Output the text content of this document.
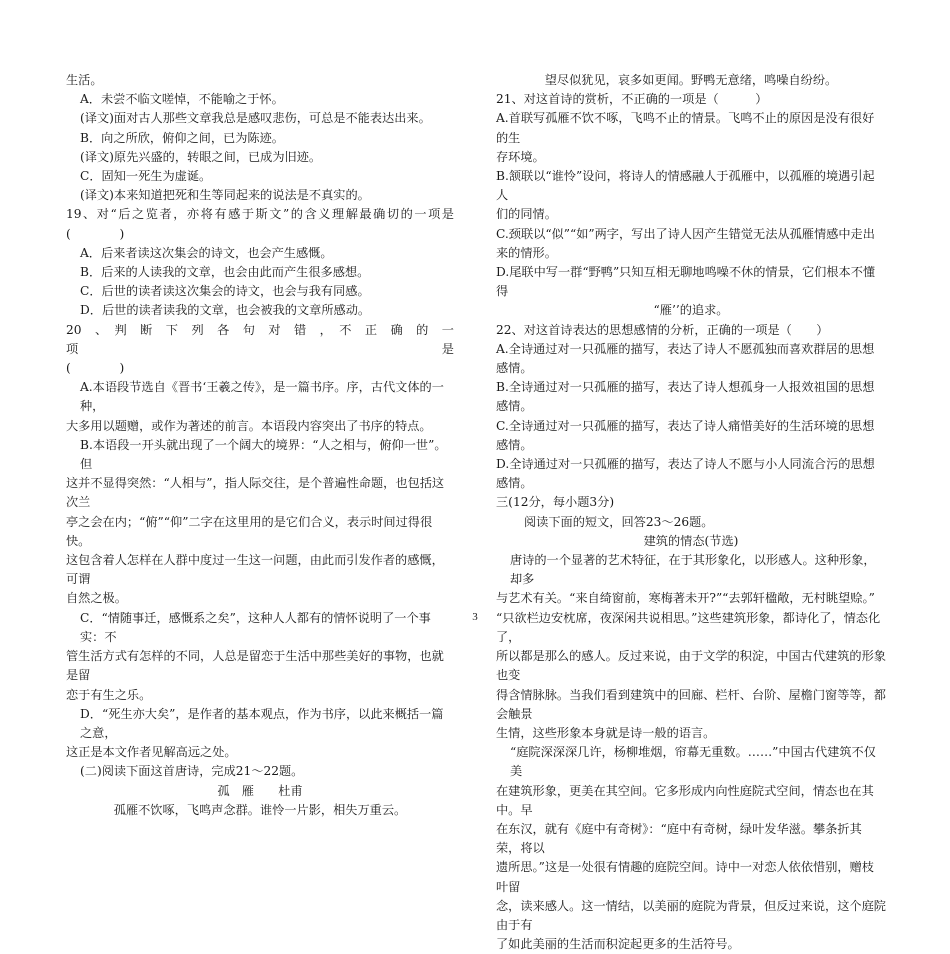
生活。
A．未尝不临文嗟悼，不能喻之于怀。
(译文)面对古人那些文章我总是感叹悲伤，可总是不能表达出来。
B．向之所欣，俯仰之间，已为陈迹。
(译文)原先兴盛的，转眼之间，已成为旧迹。
C．固知一死生为虚诞。
(译文)本来知道把死和生等同起来的说法是不真实的。
19、对“后之览者，亦将有感于斯文”的含义理解最确切的一项是
(　　　　)
A．后来者读这次集会的诗文，也会产生感慨。
B．后来的人读我的文章，也会由此而产生很多感想。
C．后世的读者读这次集会的诗文，也会与我有同感。
D．后世的读者读我的文章，也会被我的文章所感动。
20　、　判　断　下　列　各　句　对　错　，　不　正　确　的　一　项　是
(　　　　)
A.本语段节选自《晋书‘王羲之传》，是一篇书序。序，古代文体的一种，
大多用以题赠，或作为著述的前言。本语段内容突出了书序的特点。
B.本语段一开头就出现了一个阔大的境界：“人之相与，俯仰一世”。但
这并不显得突然：“人相与”，指人际交往，是个普遍性命题，也包括这次兰
亭之会在内；“俯”“仰”二字在这里用的是它们合义，表示时间过得很快。
这包含着人怎样在人群中度过一生这一问题，由此而引发作者的感慨，可谓
自然之极。
C．“情随事迁，感慨系之矣”，这种人人都有的情怀说明了一个事实：不
管生活方式有怎样的不同，人总是留恋于生活中那些美好的事物，也就是留
恋于有生之乐。
D．“死生亦大矣”，是作者的基本观点，作为书序，以此来概括一篇之意，
这正是本文作者见解高远之处。
(二)阅读下面这首唐诗，完成21～22题。
孤　雁　　杜甫
孤雁不饮啄，飞鸣声念群。谁怜一片影，相失万重云。
望尽似犹见，哀多如更闻。野鸭无意绪，鸣噪自纷纷。
21、对这首诗的赏析，不正确的一项是（　　　）
A.首联写孤雁不饮不啄，飞鸣不止的情景。飞鸣不止的原因是没有很好的生
存环境。
B.颔联以“谁怜”设问，将诗人的情感融人于孤雁中，以孤雁的境遇引起人
们的同情。
C.颈联以“似”“如”两字，写出了诗人因产生错觉无法从孤雁情感中走出
来的情形。
D.尾联中写一群“野鸭”只知互相无聊地鸣噪不休的情景，它们根本不懂得
“雁’’的追求。
22、对这首诗表达的思想感情的分析，正确的一项是（　　）
A.全诗通过对一只孤雁的描写，表达了诗人不愿孤独而喜欢群居的思想感情。
B.全诗通过对一只孤雁的描写，表达了诗人想孤身一人报效祖国的思想感情。
C.全诗通过对一只孤雁的描写，表达了诗人痛惜美好的生活环境的思想感情。
D.全诗通过对一只孤雁的描写，表达了诗人不愿与小人同流合污的思想感情。
三(12分，每小题3分)
阅读下面的短文，回答23～26题。
建筑的情态(节选)
唐诗的一个显著的艺术特征，在于其形象化，以形感人。这种形象，却多
与艺术有关。“来自绮窗前，寒梅著未开?”“去郭轩楹敞，无村眺望赊。”
“只欲栏边安枕席，夜深闲共说相思。”这些建筑形象，都诗化了，情态化了，
所以都是那么的感人。反过来说，由于文学的积淀，中国古代建筑的形象也变
得含情脉脉。当我们看到建筑中的回廊、栏杆、台阶、屋檐门窗等等，都会触景
生情，这些形象本身就是诗一般的语言。
“庭院深深深几许，杨柳堆烟，帘幕无重数。……”中国古代建筑不仅美
在建筑形象，更美在其空间。它多形成内向性庭院式空间，情态也在其中。早
在东汉，就有《庭中有奇树》：“庭中有奇树，绿叶发华滋。攀条折其荣，将以
遗所思。”这是一处很有情趣的庭院空间。诗中一对恋人依依惜别，赠枝叶留
念，读来感人。这一情结，以美丽的庭院为背景，但反过来说，这个庭院由于有
了如此美丽的生活而积淀起更多的生活符号。
3
